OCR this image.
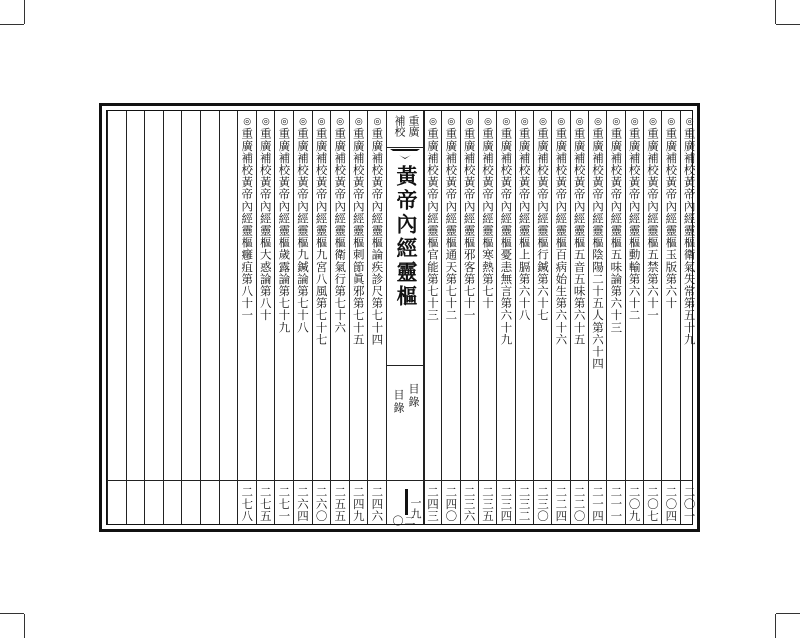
補校 重廣
黃帝內經靈樞
目錄 目錄
二〇
一九
◎重廣補校黃帝內經靈樞衛氣失常第五十九
二〇一
◎重廣補校黃帝內經靈樞玉版第六十
二〇四
◎重廣補校黃帝內經靈樞五禁第六十一
二〇七
◎重廣補校黃帝內經靈樞動輸第六十二
二〇九
◎重廣補校黃帝內經靈樞五味論第六十三
二一一
◎重廣補校黃帝內經靈樞陰陽二十五人第六十四
二一四
◎重廣補校黃帝內經靈樞五音五味第六十五
二二〇
◎重廣補校黃帝內經靈樞百病始生第六十六
二二四
◎重廣補校黃帝內經靈樞行鍼第六十七
二三〇
◎重廣補校黃帝內經靈樞上膈第六十八
二三二
◎重廣補校黃帝內經靈樞憂恚無言第六十九
二三四
◎重廣補校黃帝內經靈樞寒熱第七十
二三五
◎重廣補校黃帝內經靈樞邪客第七十一
二三六
◎重廣補校黃帝內經靈樞通天第七十二
二四〇
◎重廣補校黃帝內經靈樞官能第七十三
二四三
◎重廣補校黃帝內經靈樞論疾診尺第七十四
二四六
◎重廣補校黃帝內經靈樞刺節眞邪第七十五
二四九
◎重廣補校黃帝內經靈樞衛氣行第七十六
二五五
◎重廣補校黃帝內經靈樞九宮八風第七十七
二六〇
◎重廣補校黃帝內經靈樞九鍼論第七十八
二六四
◎重廣補校黃帝內經靈樞歲露論第七十九
二七一
◎重廣補校黃帝內經靈樞大惑論第八十
二七五
◎重廣補校黃帝內經靈樞癰疽第八十一
二七八
